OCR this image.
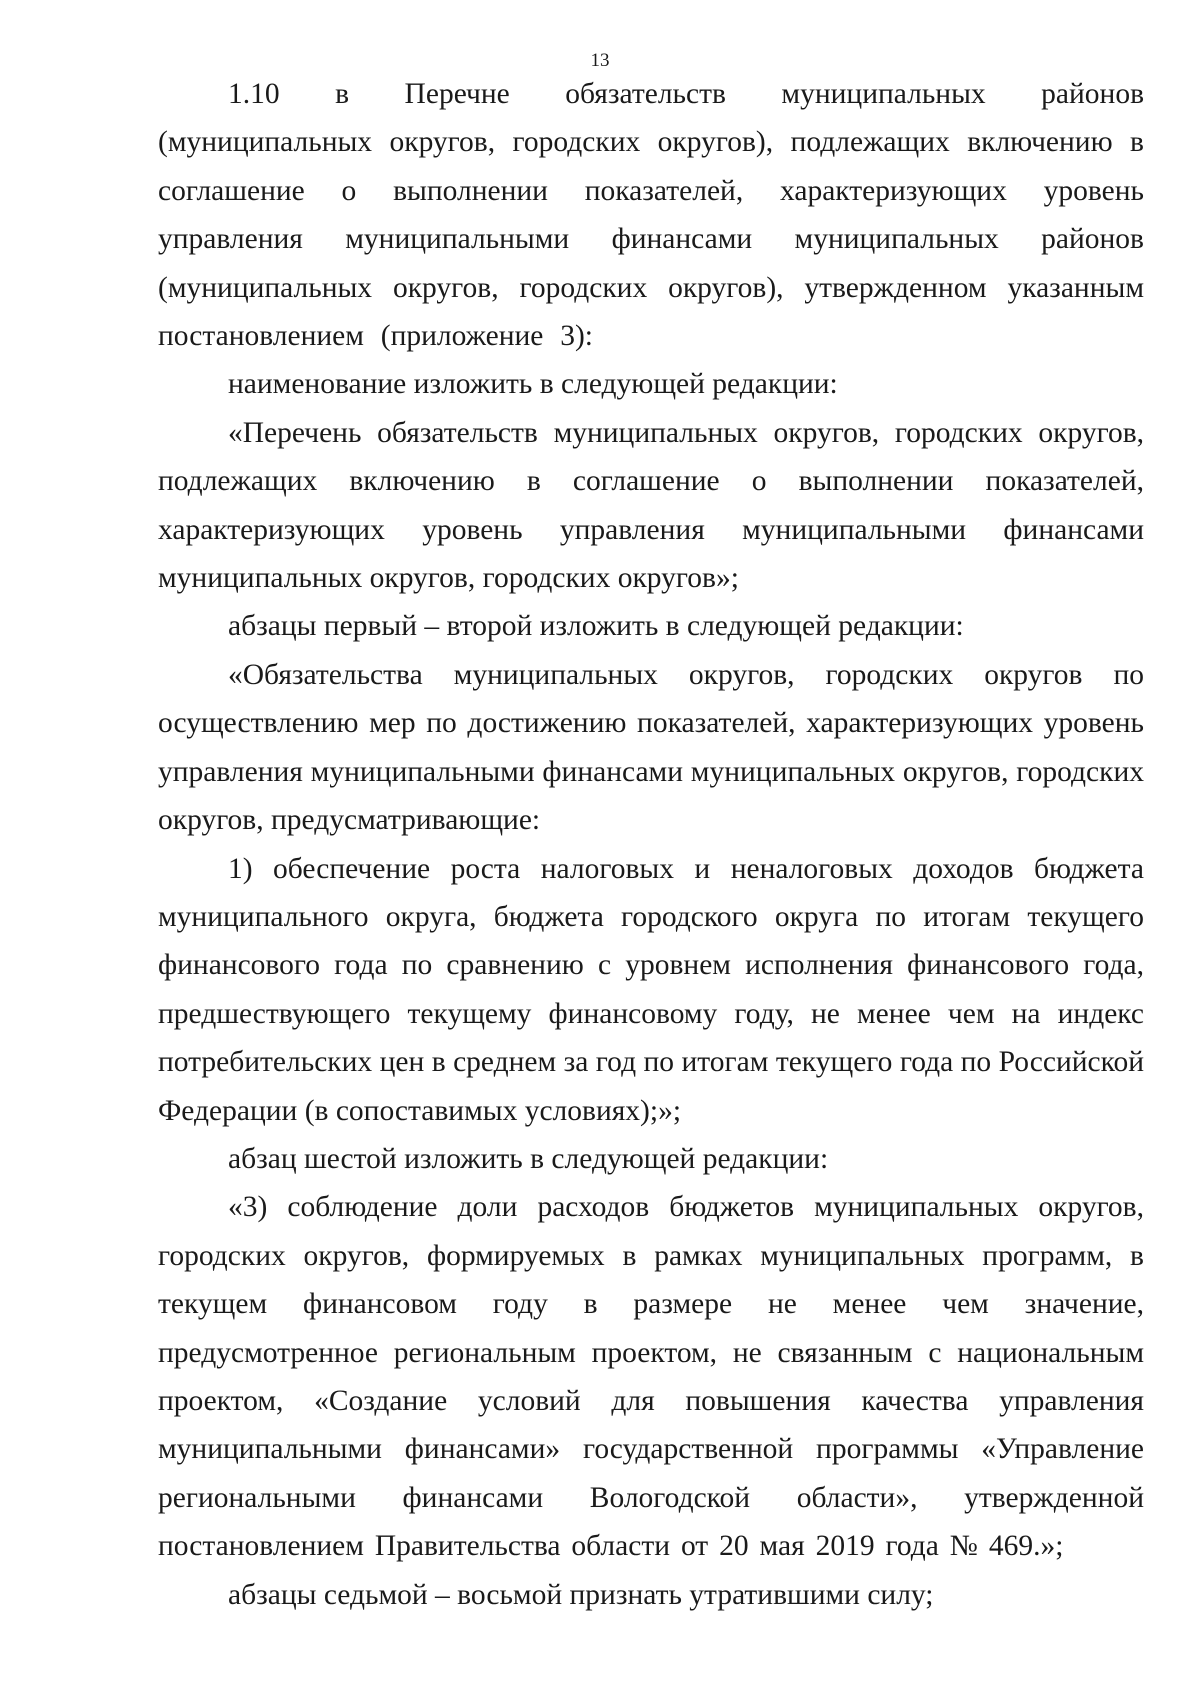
13

1.10 в Перечне обязательств муниципальных районов (муниципальных округов, городских округов), подлежащих включению в соглашение о выполнении показателей, характеризующих уровень управления муниципальными финансами муниципальных районов (муниципальных округов, городских округов), утвержденном указанным постановлением (приложение 3):

наименование изложить в следующей редакции:

«Перечень обязательств муниципальных округов, городских округов, подлежащих включению в соглашение о выполнении показателей, характеризующих уровень управления муниципальными финансами муниципальных округов, городских округов»;

абзацы первый – второй изложить в следующей редакции:

«Обязательства муниципальных округов, городских округов по осуществлению мер по достижению показателей, характеризующих уровень управления муниципальными финансами муниципальных округов, городских округов, предусматривающие:

1) обеспечение роста налоговых и неналоговых доходов бюджета муниципального округа, бюджета городского округа по итогам текущего финансового года по сравнению с уровнем исполнения финансового года, предшествующего текущему финансовому году, не менее чем на индекс потребительских цен в среднем за год по итогам текущего года по Российской Федерации (в сопоставимых условиях);»;

абзац шестой изложить в следующей редакции:

«3) соблюдение доли расходов бюджетов муниципальных округов, городских округов, формируемых в рамках муниципальных программ, в текущем финансовом году в размере не менее чем значение, предусмотренное региональным проектом, не связанным с национальным проектом, «Создание условий для повышения качества управления муниципальными финансами» государственной программы «Управление региональными финансами Вологодской области», утвержденной постановлением Правительства области от 20 мая 2019 года № 469.»;

абзацы седьмой – восьмой признать утратившими силу;
